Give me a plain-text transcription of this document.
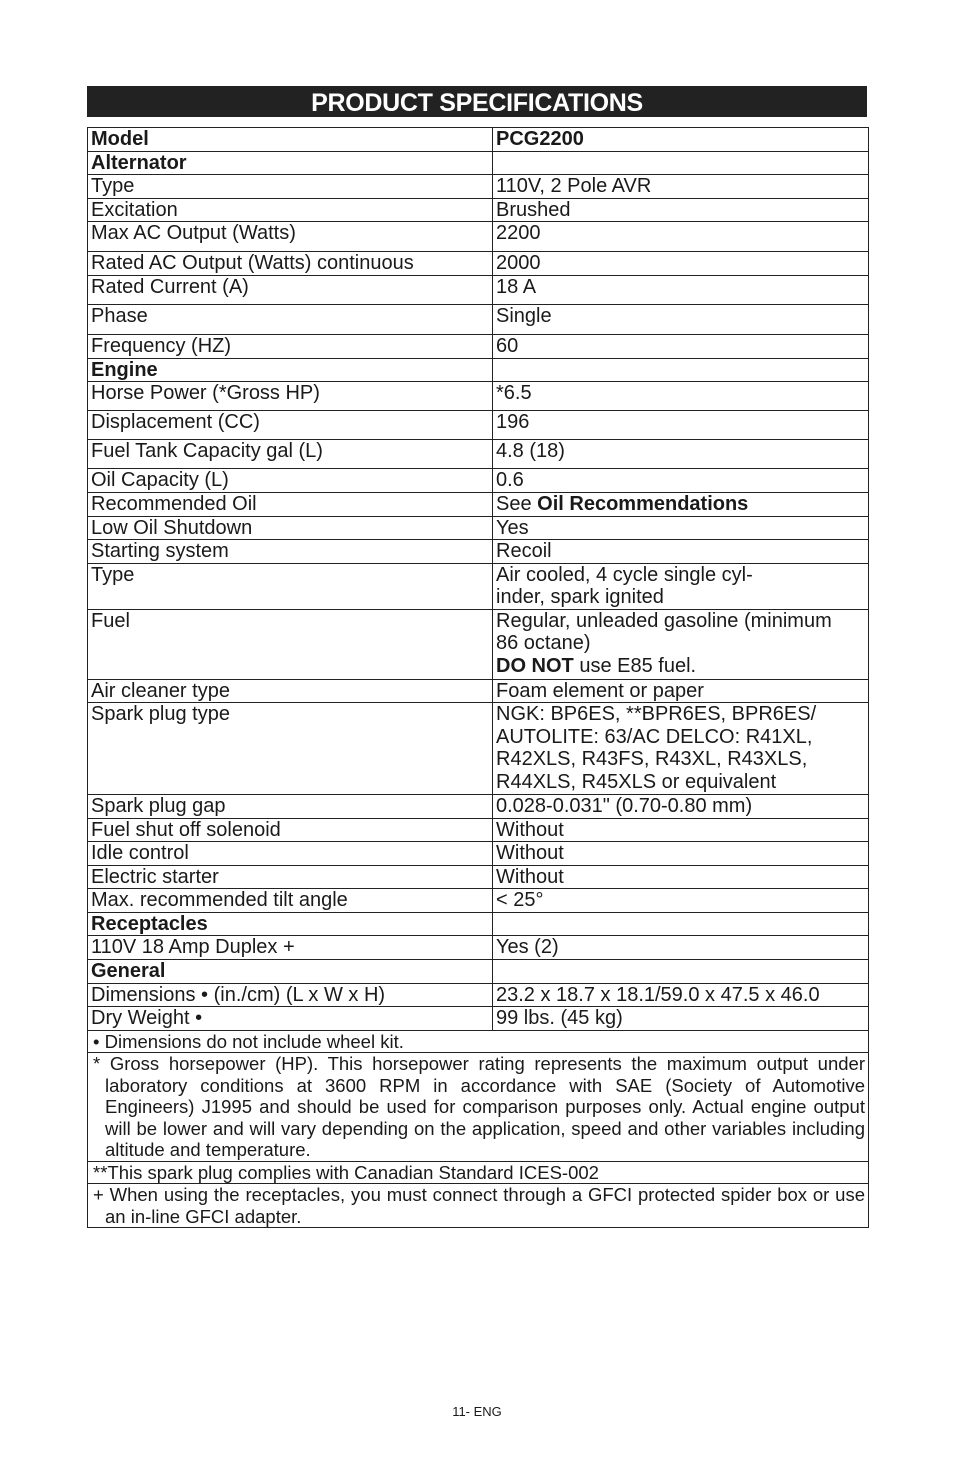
PRODUCT SPECIFICATIONS
Model	PCG2200
Alternator	
Type	110V, 2 Pole AVR
Excitation	Brushed
Max AC Output (Watts)	2200
Rated AC Output (Watts) continuous	2000
Rated Current (A)	18 A
Phase	Single
Frequency (HZ)	60
Engine	
Horse Power (*Gross HP)	*6.5
Displacement (CC)	196
Fuel Tank Capacity gal (L)	4.8 (18)
Oil Capacity (L)	0.6
Recommended Oil	See Oil Recommendations
Low Oil Shutdown	Yes
Starting system	Recoil
Type	Air cooled, 4 cycle single cyl-
inder, spark ignited

Fuel	Regular, unleaded gasoline (minimum
86 octane)
DO NOT use E85 fuel.

Air cleaner type	Foam element or paper
Spark plug type	NGK: BP6ES, **BPR6ES, BPR6ES/
AUTOLITE: 63/AC DELCO: R41XL,
R42XLS, R43FS, R43XL, R43XLS,
R44XLS, R45XLS or equivalent

Spark plug gap	0.028-0.031" (0.70-0.80 mm)
Fuel shut off solenoid	Without
Idle control	Without
Electric starter	Without
Max. recommended tilt angle	< 25°
Receptacles	
110V 18 Amp Duplex +	Yes (2)
General	
Dimensions • (in./cm) (L x W x H)	23.2 x 18.7 x 18.1/59.0 x 47.5 x 46.0
Dry Weight •	99 lbs. (45 kg)

• Dimensions do not include wheel kit.	

* Gross horsepower (HP). This horsepower rating represents the maximum output under laboratory conditions at 3600 RPM in accordance with SAE (Society of Automotive Engineers) J1995 and should be used for comparison purposes only. Actual engine output will be lower and will vary depending on the application, speed and other variables including altitude and temperature.	

**This spark plug complies with Canadian Standard ICES-002	

+ When using the receptacles, you must connect through a GFCI protected spider box or use an in-line GFCI adapter.	
11- ENG
